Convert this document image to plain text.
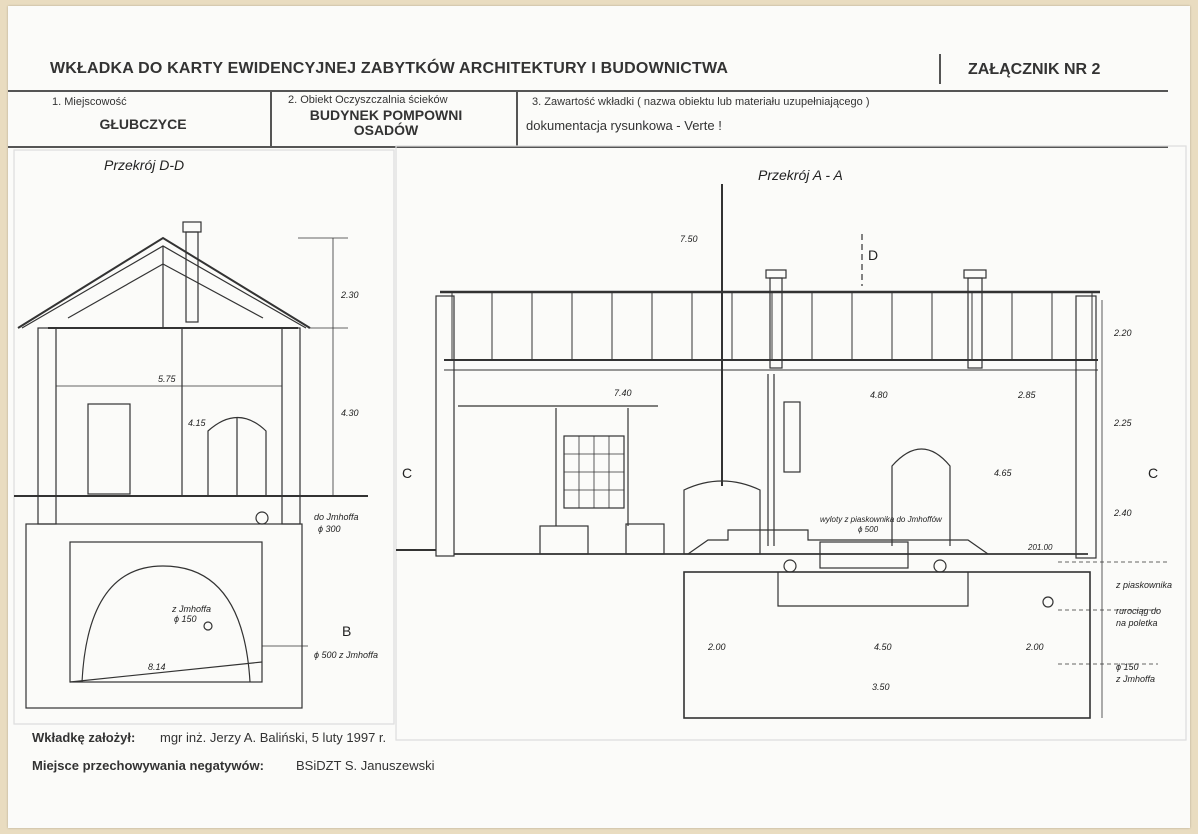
WKŁADKA DO KARTY EWIDENCYJNEJ ZABYTKÓW ARCHITEKTURY I BUDOWNICTWA	ZAŁĄCZNIK NR 2
1. Miejscowość
GŁUBCZYCE
2. Obiekt Oczyszczalnia ścieków
BUDYNEK POMPOWNI
OSADÓW
3. Zawartość wkładki ( nazwa obiektu lub materiału uzupełniającego )
dokumentacja rysunkowa - Verte !
Przekrój D-D
Przekrój A - A
D
C	C
B
2.30
5.75
4.15
4.30
do Jmhoffa
ϕ 300
z Jmhoffa
ϕ 150
ϕ 500 z Jmhoffa
8.14
7.50
7.40	4.80	2.85
4.65
2.20
2.25
2.40
2.00	4.50	2.00
3.50
wyloty z piaskownika do Jmhoffów
ϕ 500
z piaskownika
rurociąg do
na poletka
ϕ 150
z Jmhoffa
201.00
Wkładkę założył: mgr inż. Jerzy A. Baliński, 5 luty 1997 r.
Miejsce przechowywania negatywów: BSiDZT S. Januszewski
